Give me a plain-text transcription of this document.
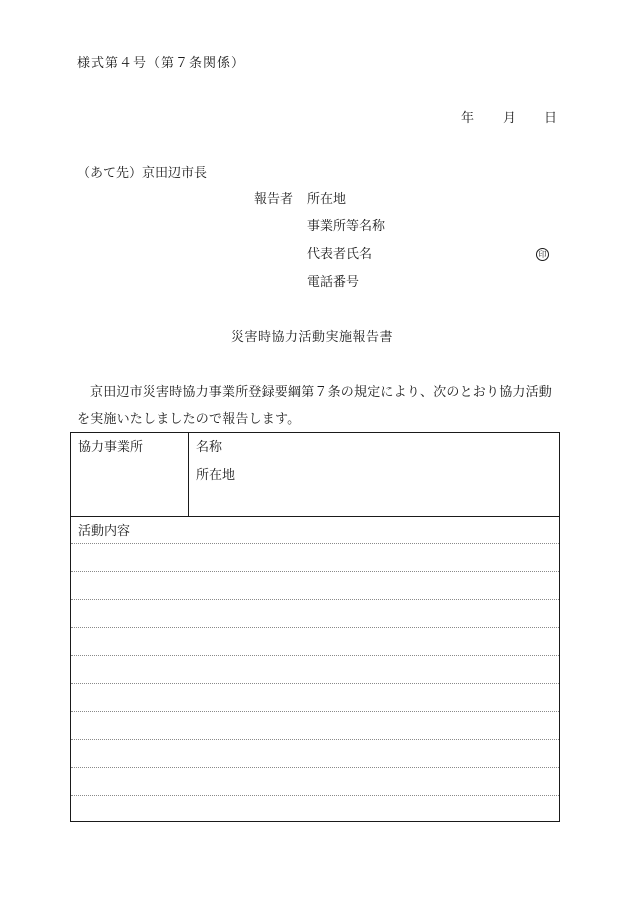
様式第４号（第７条関係）
年 月 日
（あて先）京田辺市長
報告者 所在地
事業所等名称
代表者氏名	印
電話番号
災害時協力活動実施報告書
京田辺市災害時協力事業所登録要綱第７条の規定により、次のとおり協力活動を実施いたしましたので報告します。
協力事業所	名称
所在地
活動内容
